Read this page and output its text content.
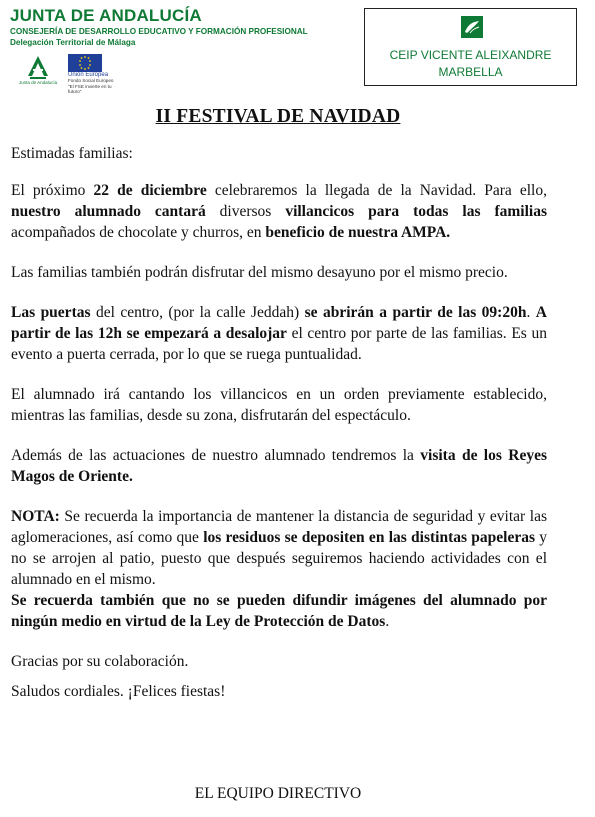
JUNTA DE ANDALUCÍA
CONSEJERÍA DE DESARROLLO EDUCATIVO Y FORMACIÓN PROFESIONAL
Delegación Territorial de Málaga
Junta de Andalucía
Unión Europea
Fondo Social Europeo
"El FSE invierte en tu futuro"
CEIP VICENTE ALEIXANDRE
MARBELLA
II FESTIVAL DE NAVIDAD

Estimadas familias:

El próximo 22 de diciembre celebraremos la llegada de la Navidad. Para ello, nuestro alumnado cantará diversos villancicos para todas las familias acompañados de chocolate y churros, en beneficio de nuestra AMPA.

Las familias también podrán disfrutar del mismo desayuno por el mismo precio.

Las puertas del centro, (por la calle Jeddah) se abrirán a partir de las 09:20h. A partir de las 12h se empezará a desalojar el centro por parte de las familias. Es un evento a puerta cerrada, por lo que se ruega puntualidad.

El alumnado irá cantando los villancicos en un orden previamente establecido, mientras las familias, desde su zona, disfrutarán del espectáculo.

Además de las actuaciones de nuestro alumnado tendremos la visita de los Reyes Magos de Oriente.

NOTA: Se recuerda la importancia de mantener la distancia de seguridad y evitar las aglomeraciones, así como que los residuos se depositen en las distintas papeleras y no se arrojen al patio, puesto que después seguiremos haciendo actividades con el alumnado en el mismo.

Se recuerda también que no se pueden difundir imágenes del alumnado por ningún medio en virtud de la Ley de Protección de Datos.

Gracias por su colaboración.

Saludos cordiales. ¡Felices fiestas!

EL EQUIPO DIRECTIVO
